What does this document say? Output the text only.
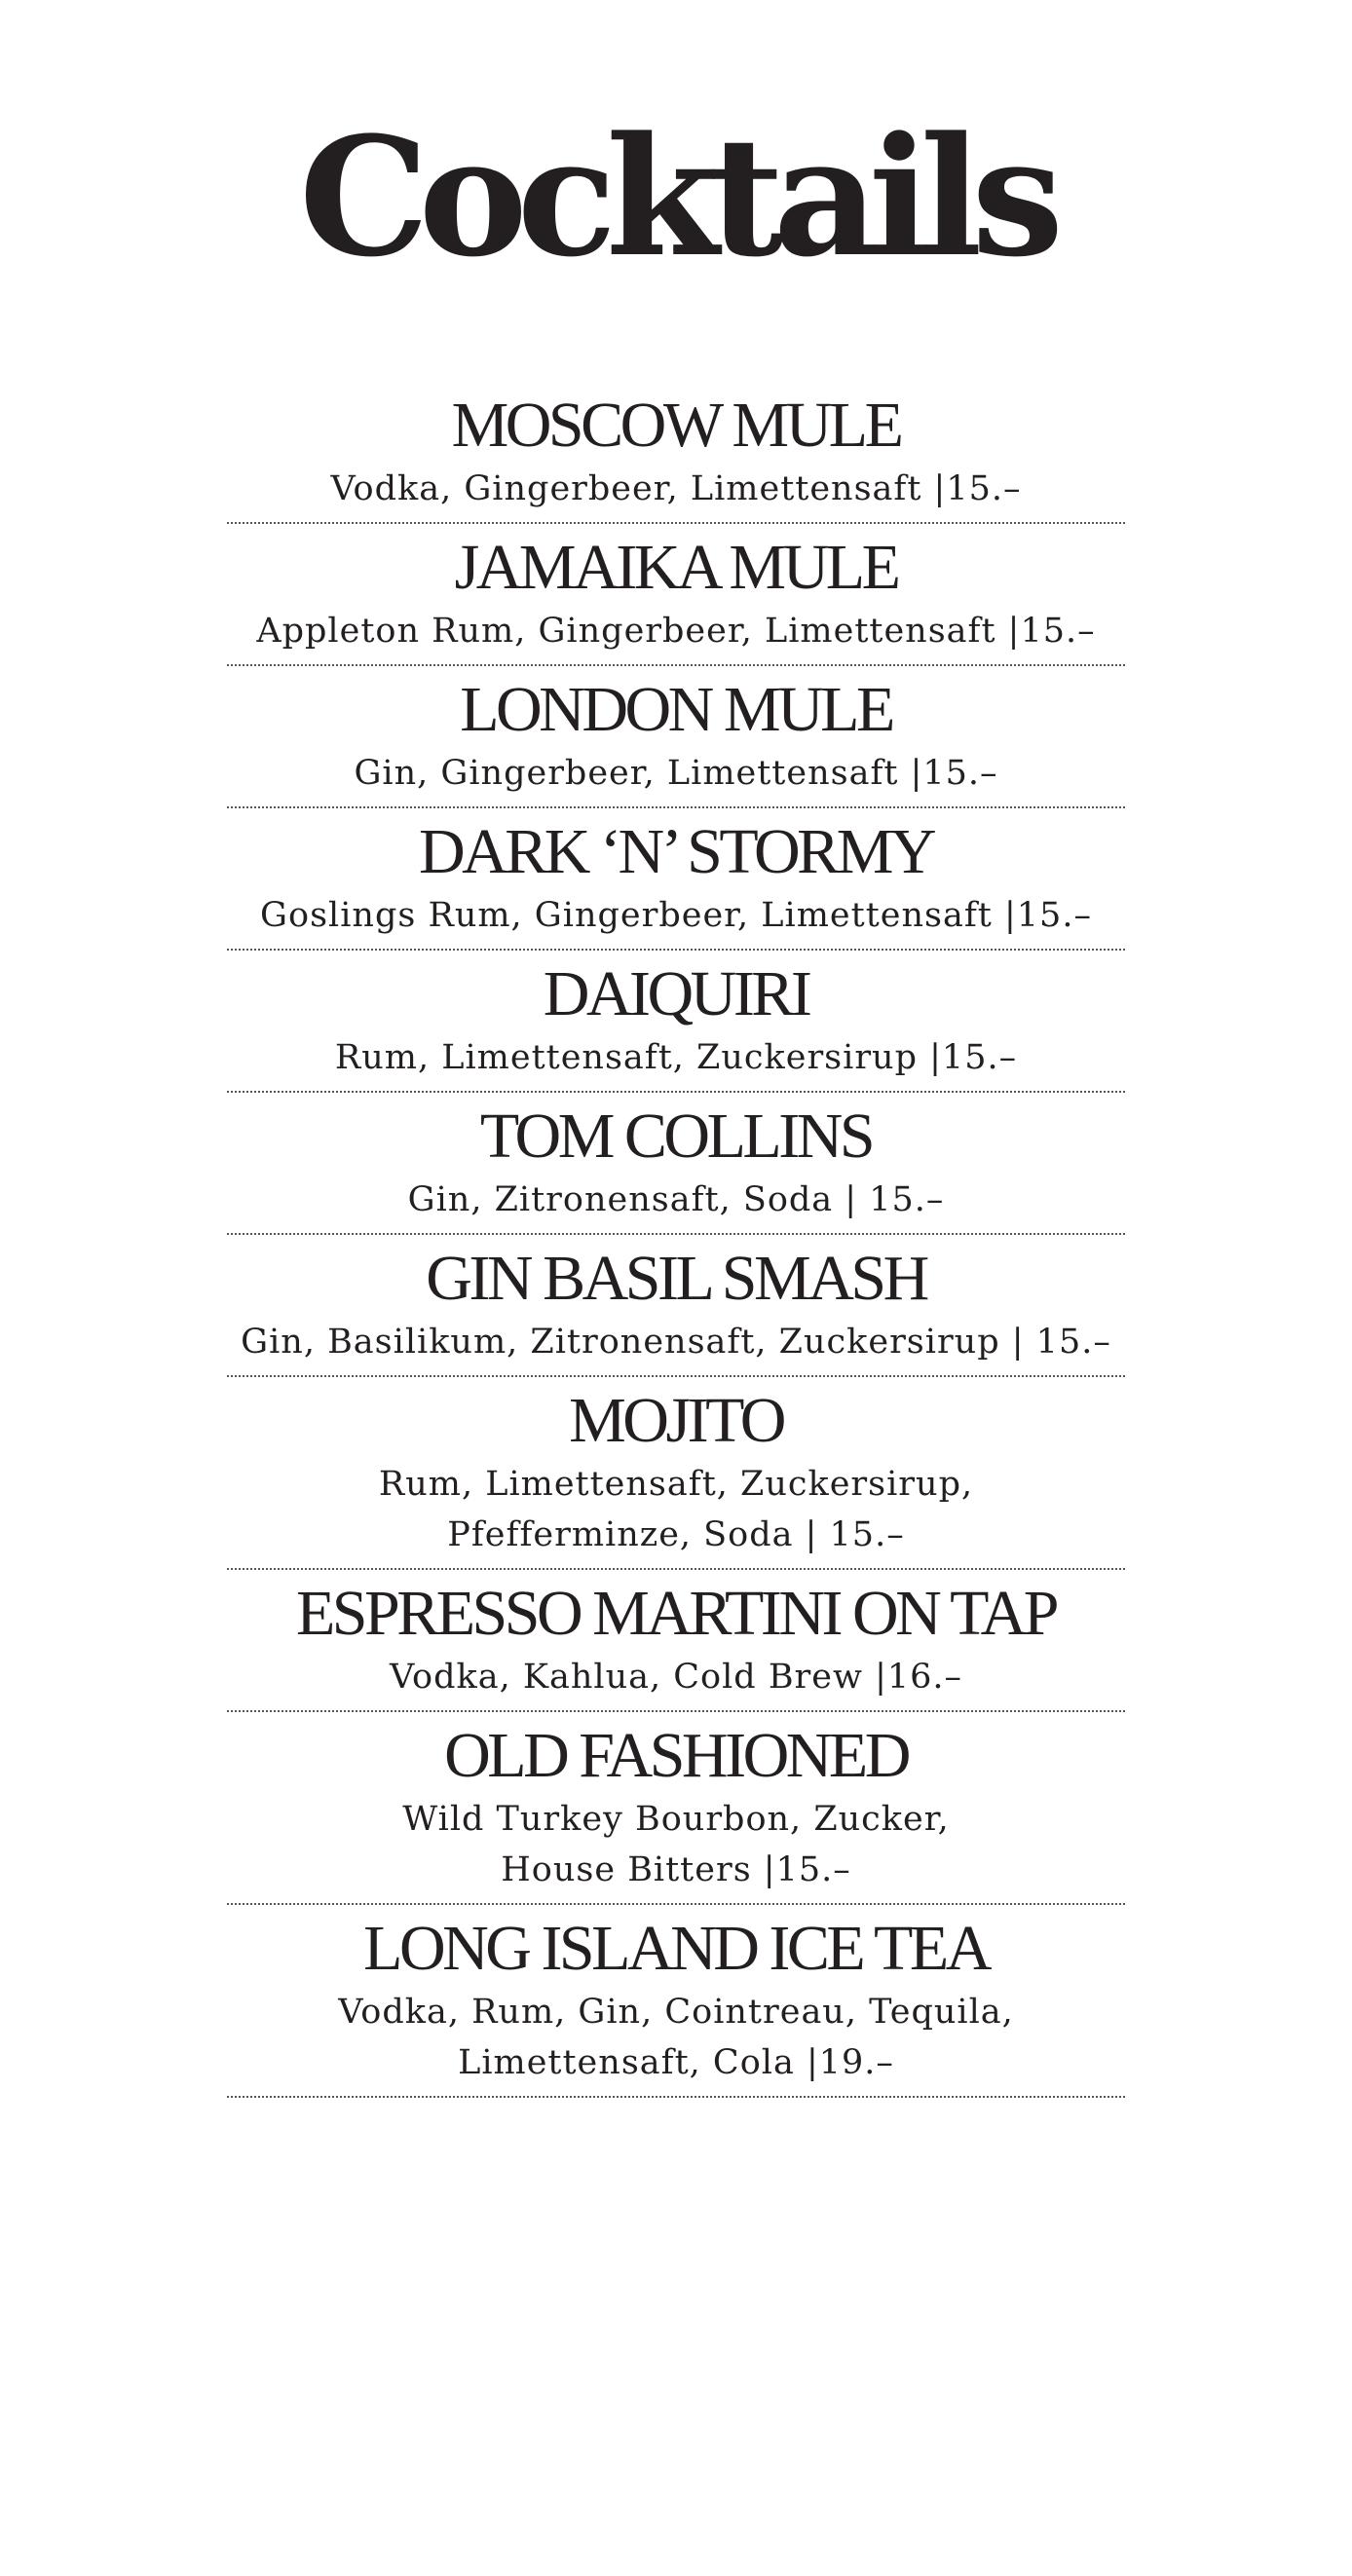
Cocktails
MOSCOW MULE
Vodka, Gingerbeer, Limettensaft |15.–
JAMAIKA MULE
Appleton Rum, Gingerbeer, Limettensaft |15.–
LONDON MULE
Gin, Gingerbeer, Limettensaft |15.–
DARK ‘N’ STORMY
Goslings Rum, Gingerbeer, Limettensaft |15.–
DAIQUIRI
Rum, Limettensaft, Zuckersirup |15.–
TOM COLLINS
Gin, Zitronensaft, Soda | 15.–
GIN BASIL SMASH
Gin, Basilikum, Zitronensaft, Zuckersirup | 15.–
MOJITO
Rum, Limettensaft, Zuckersirup,
Pfefferminze, Soda | 15.–
ESPRESSO MARTINI ON TAP
Vodka, Kahlua, Cold Brew |16.–
OLD FASHIONED
Wild Turkey Bourbon, Zucker,
House Bitters |15.–
LONG ISLAND ICE TEA
Vodka, Rum, Gin, Cointreau, Tequila,
Limettensaft, Cola |19.–
